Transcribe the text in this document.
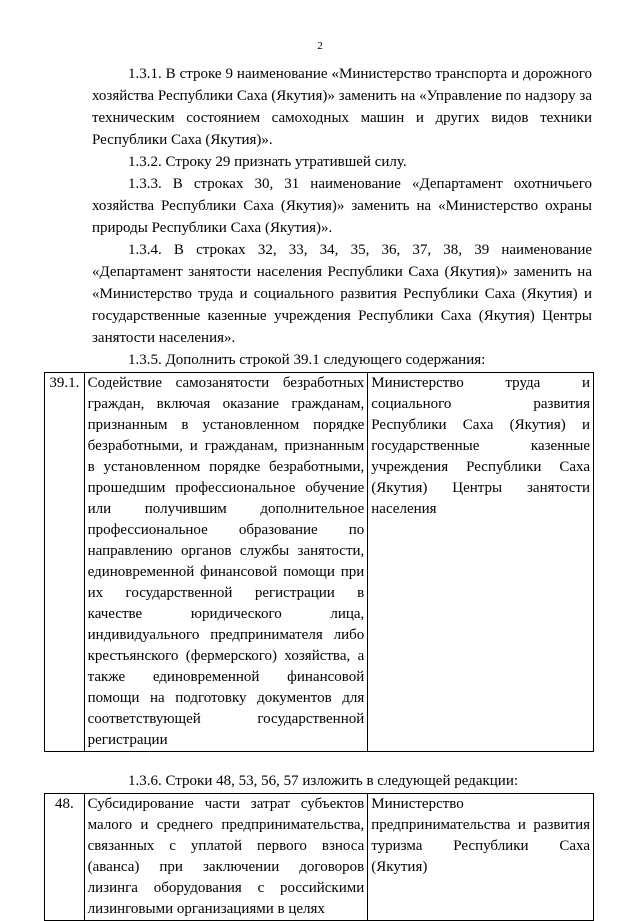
2

1.3.1. В строке 9 наименование «Министерство транспорта и дорожного хозяйства Республики Саха (Якутия)» заменить на «Управление по надзору за техническим состоянием самоходных машин и других видов техники Республики Саха (Якутия)».

1.3.2. Строку 29 признать утратившей силу.

1.3.3. В строках 30, 31 наименование «Департамент охотничьего хозяйства Республики Саха (Якутия)» заменить на «Министерство охраны природы Республики Саха (Якутия)».

1.3.4. В строках 32, 33, 34, 35, 36, 37, 38, 39 наименование «Департамент занятости населения Республики Саха (Якутия)» заменить на «Министерство труда и социального развития Республики Саха (Якутия) и государственные казенные учреждения Республики Саха (Якутия) Центры занятости населения».

1.3.5. Дополнить строкой 39.1 следующего содержания:

39.1.	Содействие самозанятости безработных граждан, включая оказание гражданам, признанным в установленном порядке безработными, и гражданам, признанным в установленном порядке безработными, прошедшим профессиональное обучение или получившим дополнительное профессиональное образование по направлению органов службы занятости, единовременной финансовой помощи при их государственной регистрации в качестве юридического лица, индивидуального предпринимателя либо крестьянского (фермерского) хозяйства, а также единовременной финансовой помощи на подготовку документов для соответствующей государственной регистрации	Министерство труда и социального развития Республики Саха (Якутия) и государственные казенные учреждения Республики Саха (Якутия) Центры занятости населения

1.3.6. Строки 48, 53, 56, 57 изложить в следующей редакции:

48.	Субсидирование части затрат субъектов малого и среднего предпринимательства, связанных с уплатой первого взноса (аванса) при заключении договоров лизинга оборудования с российскими лизинговыми организациями в целях	Министерство предпринимательства и развития туризма Республики Саха (Якутия)
